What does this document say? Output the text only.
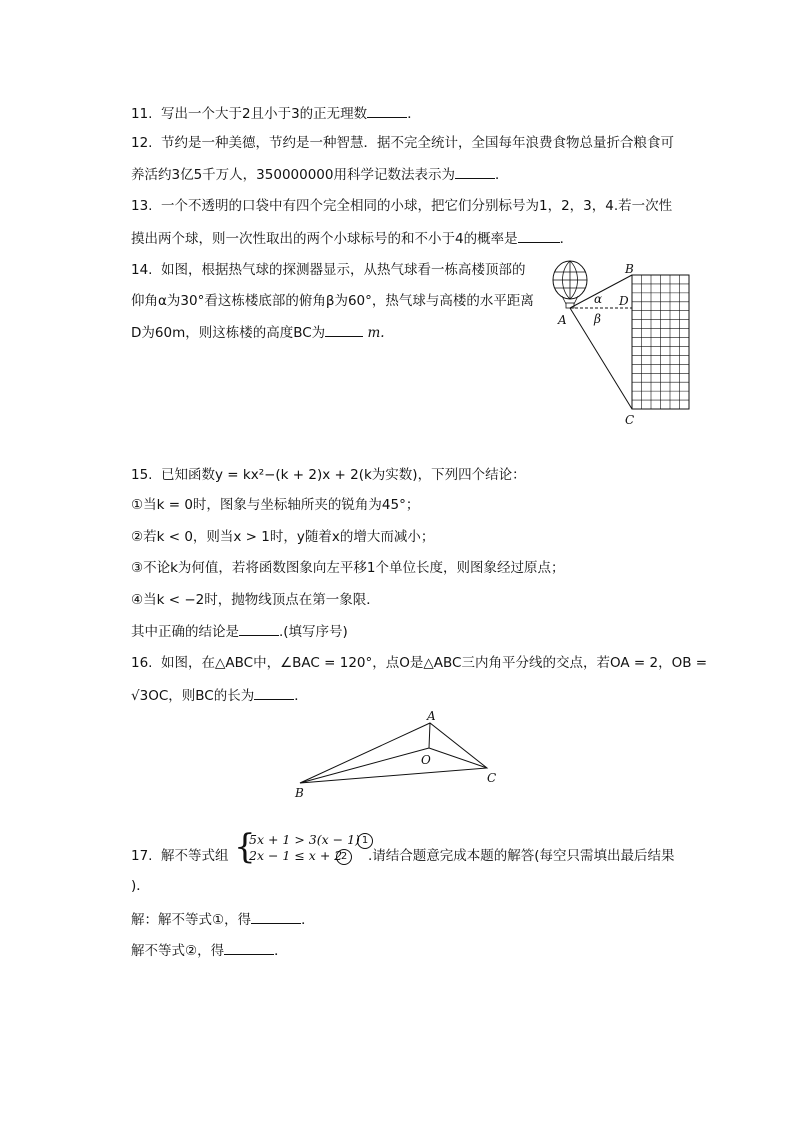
11. 写出一个大于2且小于3的正无理数	．
12. 节约是一种美德，节约是一种智慧．据不完全统计，全国每年浪费食物总量折合粮食可
养活约3亿5千万人，350000000用科学记数法表示为	．
13. 一个不透明的口袋中有四个完全相同的小球，把它们分别标号为1，2，3，4.若一次性
摸出两个球，则一次性取出的两个小球标号的和不小于4的概率是	．
14. 如图，根据热气球的探测器显示，从热气球看一栋高楼顶部的
仰角α为30°看这栋楼底部的俯角β为60°，热气球与高楼的水平距离
D为60m，则这栋楼的高度BC为	m.
A
B
C
D
α
β
15. 已知函数y = kx²−(k + 2)x + 2(k为实数)，下列四个结论：
①当k = 0时，图象与坐标轴所夹的锐角为45°；
②若k < 0，则当x > 1时，y随着x的增大而减小；
③不论k为何值，若将函数图象向左平移1个单位长度，则图象经过原点；
④当k < −2时，抛物线顶点在第一象限．
其中正确的结论是	.(填写序号)
16. 如图，在△ABC中，∠BAC = 120°，点O是△ABC三内角平分线的交点，若OA = 2，OB =
√3OC，则BC的长为	．
A
B
C
O
17. 解不等式组 {
5x + 1 > 3(x − 1) 1
2x − 1 ≤ x + 2
2	.请结合题意完成本题的解答(每空只需填出最后结果
)．
解：解不等式①，得	．
解不等式②，得	．
